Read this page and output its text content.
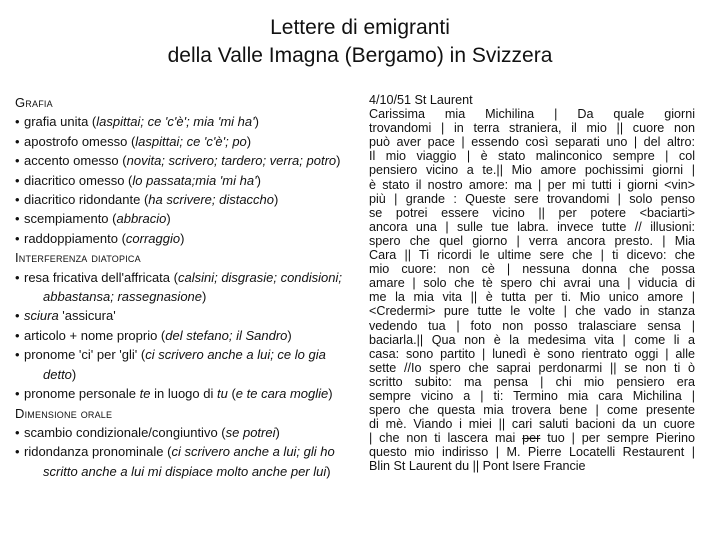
Lettere di emigranti
della Valle Imagna (Bergamo) in Svizzera
Grafia
• grafia unita (laspittai; ce 'c'è'; mia 'mi ha')
• apostrofo omesso (laspittai; ce 'c'è'; po)
• accento omesso (novita; scrivero; tardero; verra; potro)
• diacritico omesso (lo passata;mia 'mi ha')
• diacritico ridondante (ha scrivere; distaccho)
• scempiamento (abbracio)
• raddoppiamento (corraggio)
Interferenza diatopica
• resa fricativa dell'affricata (calsini; disgrasie; condisioni; abbastansa; rassegnasione)
• sciura 'assicura'
• articolo + nome proprio (del stefano; il Sandro)
• pronome 'ci' per 'gli' (ci scrivero anche a lui; ce lo gia detto)
• pronome personale te in luogo di tu (e te cara moglie)
Dimensione orale
• scambio condizionale/congiuntivo (se potrei)
• ridondanza pronominale (ci scrivero anche a lui; gli ho scritto anche a lui mi dispiace molto anche per lui)
4/10/51 St Laurent
Carissima mia Michilina | Da quale giorni
trovandomi | in terra straniera, il mio || cuore non
può aver pace | essendo così separati uno | del altro:
Il mio viaggio | è stato malinconico sempre | col
pensiero vicino a te.|| Mio amore pochissimi giorni |
è stato il nostro amore: ma | per mi tutti i giorni <vin>
più | grande : Queste sere trovandomi | solo penso
se potrei essere vicino || per potere <baciarti>
ancora una | sulle tue labra. invece tutte // illusioni:
spero che quel giorno | verra ancora presto. | Mia
Cara || Ti ricordi le ultime sere che | ti dicevo: che
mio cuore: non cè | nessuna donna che possa
amare | solo che tè spero chi avrai una | viducia di
me la mia vita || è tutta per ti. Mio unico amore |
<Credermi> pure tutte le volte | che vado in stanza
vedendo tua | foto non posso tralasciare sensa |
baciarla.|| Qua non è la medesima vita | come li a
casa: sono partito | lunedì è sono rientrato oggi | alle
sette //Io spero che saprai perdonarmi || se non ti ò
scritto subito: ma pensa | chi mio pensiero era
sempre vicino a | ti: Termino mia cara Michilina |
spero che questa mia trovera bene | come presente
di mè. Viando i miei || cari saluti bacioni da un cuore
| che non ti lascera mai per tuo | per sempre Pierino
questo mio indirisso | M. Pierre Locatelli Restaurent |
Blin St Laurent du || Pont Isere Francie
